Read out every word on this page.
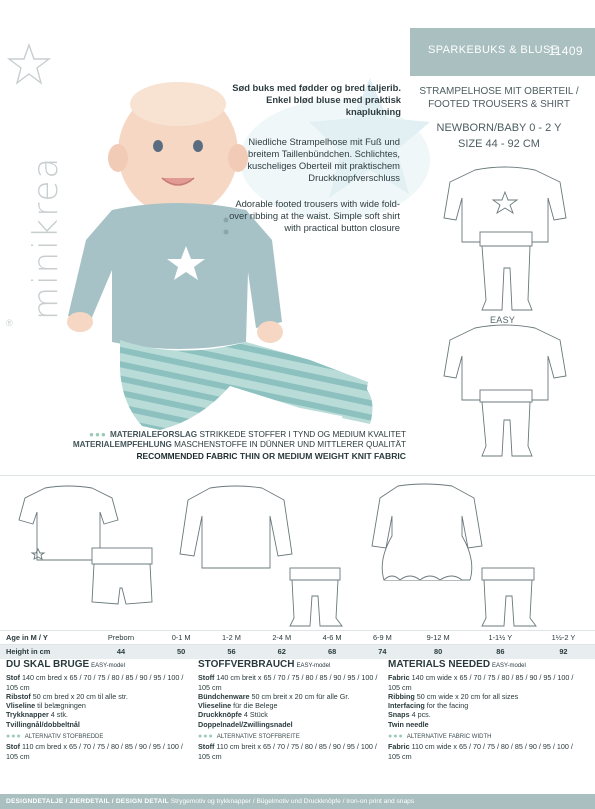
minikrea
®
SPARKEBUKS & BLUSE
11409
STRAMPELHOSE MIT OBERTEIL /
FOOTED TROUSERS & SHIRT
NEWBORN/BABY 0 - 2 Y
SIZE 44 - 92 CM
Sød buks med fødder og bred taljerib. Enkel blød bluse med praktisk knaplukning
Niedliche Strampelhose mit Fuß und breitem Taillenbündchen. Schlichtes, kuscheliges Oberteil mit praktischem Druckknopfverschluss
Adorable footed trousers with wide fold-over ribbing at the waist. Simple soft shirt with practical button closure
EASY
●●● MATERIALEFORSLAG STRIKKEDE STOFFER I TYND OG MEDIUM KVALITET
MATERIALEMPFEHLUNG MASCHENSTOFFE IN DÜNNER UND MITTLERER QUALITÄT
RECOMMENDED FABRIC THIN OR MEDIUM WEIGHT KNIT FABRIC
Age in M / Y	Preborn	0-1 M	1-2 M	2-4 M	4-6 M	6-9 M	9-12 M	1-1½ Y	1½-2 Y
Height in cm	44	50	56	62	68	74	80	86	92
DU SKAL BRUGE EASY-model
Stof 140 cm bred x 65 / 70 / 75 / 80 / 85 / 90 / 95 / 100 / 105 cm
Ribstof 50 cm bred x 20 cm til alle str.
Vliseline til belægningen
Trykknapper 4 stk.
Tvillingnål/dobbeltnål
●●● ALTERNATIV STOFBREDDE
Stof 110 cm bred x 65 / 70 / 75 / 80 / 85 / 90 / 95 / 100 / 105 cm
STOFFVERBRAUCH EASY-model
Stoff 140 cm breit x 65 / 70 / 75 / 80 / 85 / 90 / 95 / 100 / 105 cm
Bündchenware 50 cm breit x 20 cm für alle Gr.
Vlieseline für die Belege
Druckknöpfe 4 Stück
Doppelnadel/Zwillingsnadel
●●● ALTERNATIVE STOFFBREITE
Stoff 110 cm breit x 65 / 70 / 75 / 80 / 85 / 90 / 95 / 100 / 105 cm
MATERIALS NEEDED EASY-model
Fabric 140 cm wide x 65 / 70 / 75 / 80 / 85 / 90 / 95 / 100 / 105 cm
Ribbing 50 cm wide x 20 cm for all sizes
Interfacing for the facing
Snaps 4 pcs.
Twin needle
●●● ALTERNATIVE FABRIC WIDTH
Fabric 110 cm wide x 65 / 70 / 75 / 80 / 85 / 90 / 95 / 100 / 105 cm
DESIGNDETALJE / ZIERDETAIL / DESIGN DETAIL Strygemotiv og trykknapper / Bügelmotiv und Druckknöpfe / Iron-on print and snaps
